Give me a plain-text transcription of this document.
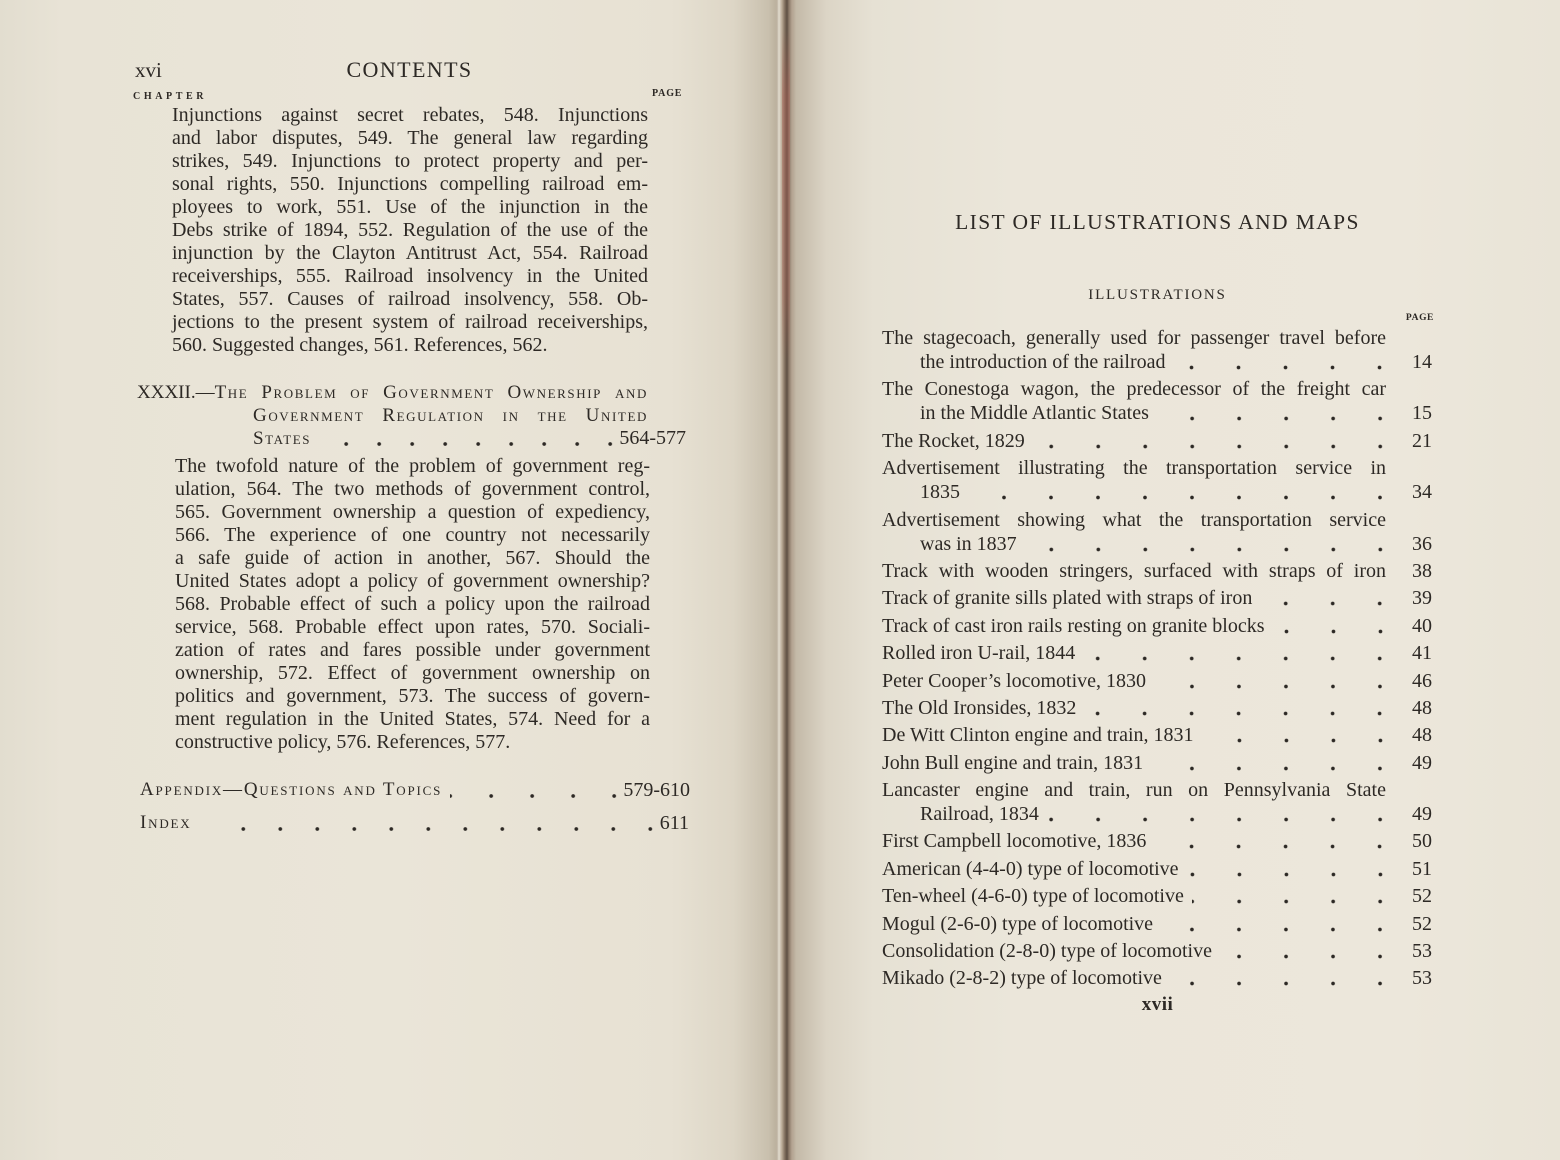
xvi	CONTENTS
CHAPTER	PAGE
Injunctions against secret rebates, 548. Injunctions
and labor disputes, 549. The general law regarding
strikes, 549. Injunctions to protect property and per-
sonal rights, 550. Injunctions compelling railroad em-
ployees to work, 551. Use of the injunction in the
Debs strike of 1894, 552. Regulation of the use of the
injunction by the Clayton Antitrust Act, 554. Railroad
receiverships, 555. Railroad insolvency in the United
States, 557. Causes of railroad insolvency, 558. Ob-
jections to the present system of railroad receiverships,
560. Suggested changes, 561. References, 562.
XXXII.—The Problem of Government Ownership and
Government Regulation in the United
States	564-577
The twofold nature of the problem of government reg-
ulation, 564. The two methods of government control,
565. Government ownership a question of expediency,
566. The experience of one country not necessarily
a safe guide of action in another, 567. Should the
United States adopt a policy of government ownership?
568. Probable effect of such a policy upon the railroad
service, 568. Probable effect upon rates, 570. Sociali-
zation of rates and fares possible under government
ownership, 572. Effect of government ownership on
politics and government, 573. The success of govern-
ment regulation in the United States, 574. Need for a
constructive policy, 576. References, 577.
Appendix—Questions and Topics	579-610
Index	611
LIST OF ILLUSTRATIONS AND MAPS
ILLUSTRATIONS
PAGE
The stagecoach, generally used for passenger travel before
the introduction of the railroad	14
The Conestoga wagon, the predecessor of the freight car
in the Middle Atlantic States	15
The Rocket, 1829	21
Advertisement illustrating the transportation service in
1835	34
Advertisement showing what the transportation service
was in 1837	36
Track with wooden stringers, surfaced with straps of iron	38
Track of granite sills plated with straps of iron	39
Track of cast iron rails resting on granite blocks	40
Rolled iron U-rail, 1844	41
Peter Cooper’s locomotive, 1830	46
The Old Ironsides, 1832	48
De Witt Clinton engine and train, 1831	48
John Bull engine and train, 1831	49
Lancaster engine and train, run on Pennsylvania State
Railroad, 1834	49
First Campbell locomotive, 1836	50
American (4-4-0) type of locomotive	51
Ten-wheel (4-6-0) type of locomotive	52
Mogul (2-6-0) type of locomotive	52
Consolidation (2-8-0) type of locomotive	53
Mikado (2-8-2) type of locomotive	53
xvii
